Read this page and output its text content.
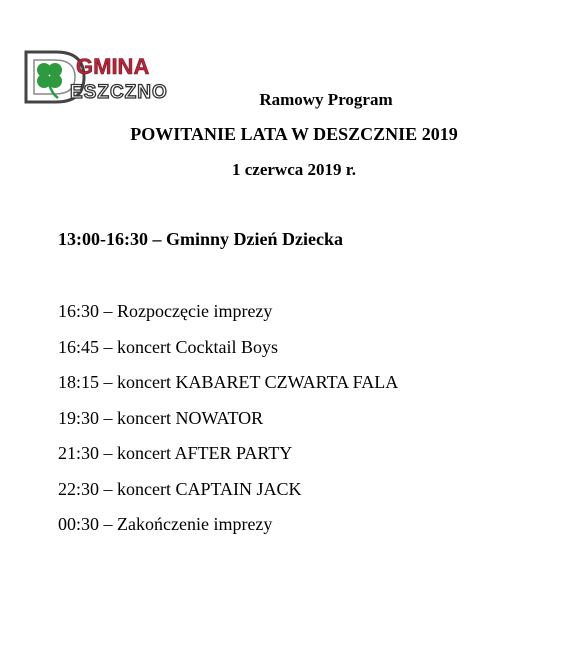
GMINA
ESZCZNO	Ramowy Program
POWITANIE LATA W DESZCZNIE 2019
1 czerwca 2019 r.
13:00-16:30 – Gminny Dzień Dziecka
16:30 – Rozpoczęcie imprezy
16:45 – koncert Cocktail Boys
18:15 – koncert KABARET CZWARTA FALA
19:30 – koncert NOWATOR
21:30 – koncert AFTER PARTY
22:30 – koncert CAPTAIN JACK
00:30 – Zakończenie imprezy
